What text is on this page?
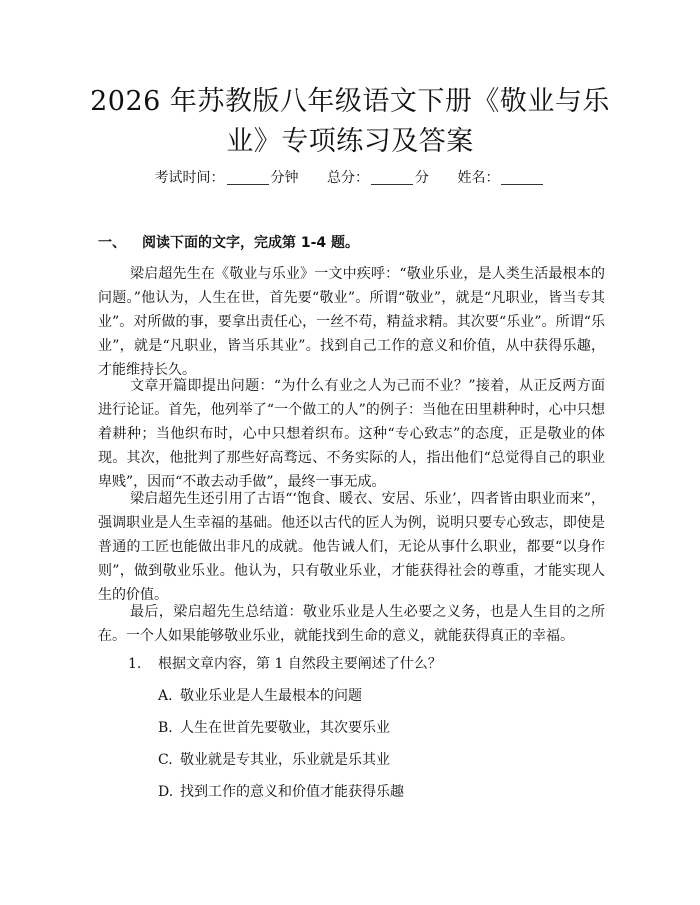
2026 年苏教版八年级语文下册《敬业与乐业》专项练习及答案
考试时间：	分钟 总分：	分 姓名：
一、 阅读下面的文字，完成第 1-4 题。

梁启超先生在《敬业与乐业》一文中疾呼：“敬业乐业，是人类生活最根本的问题。”他认为，人生在世，首先要“敬业”。所谓“敬业”，就是“凡职业，皆当专其业”。对所做的事，要拿出责任心，一丝不苟，精益求精。其次要“乐业”。所谓“乐业”，就是“凡职业，皆当乐其业”。找到自己工作的意义和价值，从中获得乐趣，才能维持长久。

文章开篇即提出问题：“为什么有业之人为己而不业？”接着，从正反两方面进行论证。首先，他列举了“一个做工的人”的例子：当他在田里耕种时，心中只想着耕种；当他织布时，心中只想着织布。这种“专心致志”的态度，正是敬业的体现。其次，他批判了那些好高骛远、不务实际的人，指出他们“总觉得自己的职业卑贱”，因而“不敢去动手做”，最终一事无成。

梁启超先生还引用了古语“‘饱食、暖衣、安居、乐业’，四者皆由职业而来”，强调职业是人生幸福的基础。他还以古代的匠人为例，说明只要专心致志，即使是普通的工匠也能做出非凡的成就。他告诫人们，无论从事什么职业，都要“以身作则”，做到敬业乐业。他认为，只有敬业乐业，才能获得社会的尊重，才能实现人生的价值。

最后，梁启超先生总结道：敬业乐业是人生必要之义务，也是人生目的之所在。一个人如果能够敬业乐业，就能找到生命的意义，就能获得真正的幸福。

1. 根据文章内容，第 1 自然段主要阐述了什么？
A. 敬业乐业是人生最根本的问题
B. 人生在世首先要敬业，其次要乐业
C. 敬业就是专其业，乐业就是乐其业
D. 找到工作的意义和价值才能获得乐趣
